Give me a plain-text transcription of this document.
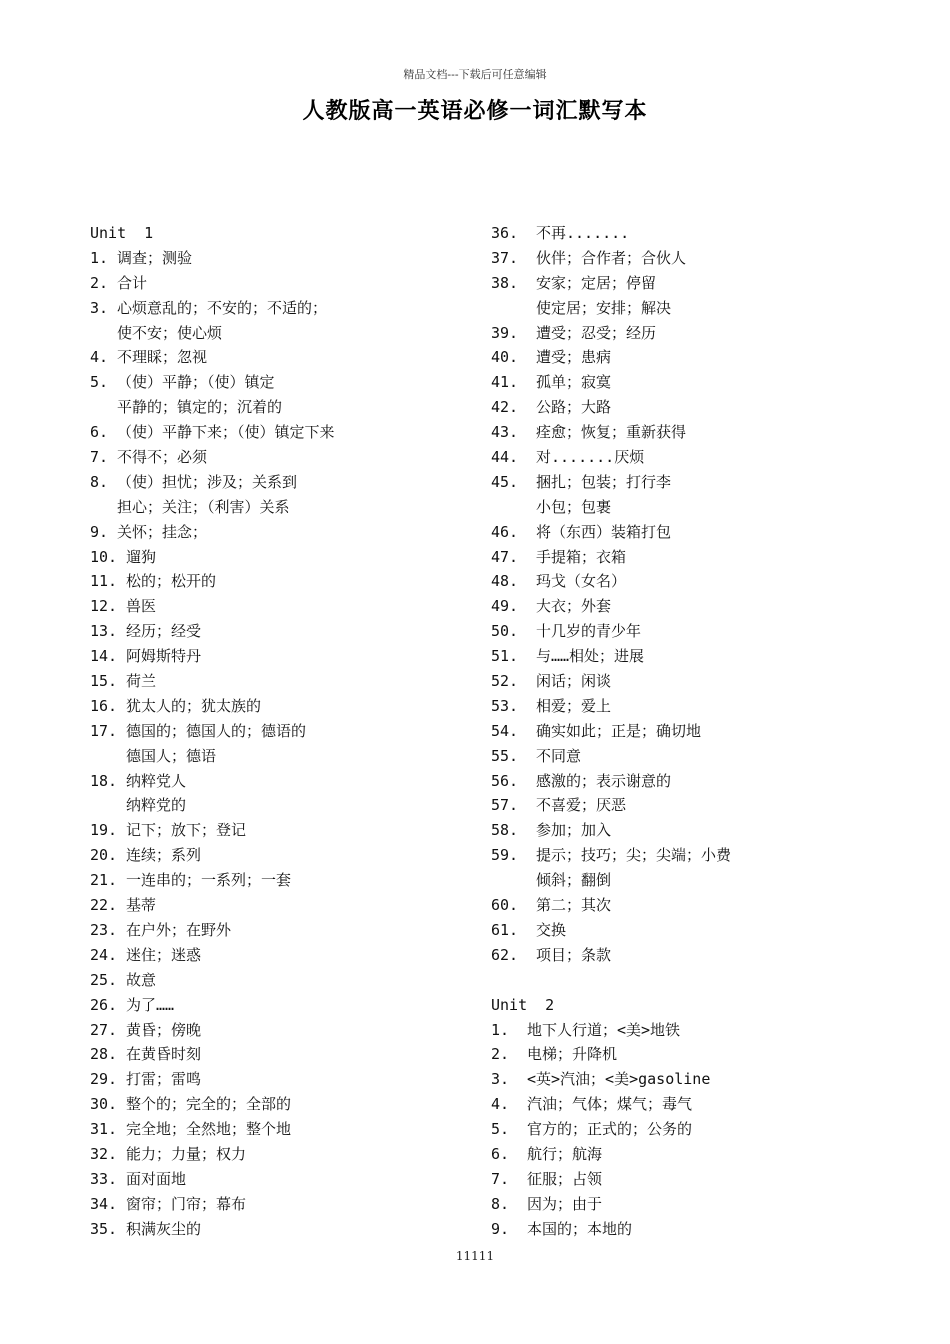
精品文档---下载后可任意编辑
人教版高一英语必修一词汇默写本
Unit  1
1. 调查；测验
2. 合计
3. 心烦意乱的；不安的；不适的；
使不安；使心烦
4. 不理睬；忽视
5. （使）平静；（使）镇定
平静的；镇定的；沉着的
6. （使）平静下来；（使）镇定下来
7. 不得不；必须
8. （使）担忧；涉及；关系到
担心；关注；（利害）关系
9. 关怀；挂念；
10. 遛狗
11. 松的；松开的
12. 兽医
13. 经历；经受
14. 阿姆斯特丹
15. 荷兰
16. 犹太人的；犹太族的
17. 德国的；德国人的；德语的
德国人；德语
18. 纳粹党人
纳粹党的
19. 记下；放下；登记
20. 连续；系列
21. 一连串的；一系列；一套
22. 基蒂
23. 在户外；在野外
24. 迷住；迷惑
25. 故意
26. 为了……
27. 黄昏；傍晚
28. 在黄昏时刻
29. 打雷；雷鸣
30. 整个的；完全的；全部的
31. 完全地；全然地；整个地
32. 能力；力量；权力
33. 面对面地
34. 窗帘；门帘；幕布
35. 积满灰尘的
36. 不再.......
37. 伙伴；合作者；合伙人
38. 安家；定居；停留
使定居；安排；解决
39. 遭受；忍受；经历
40. 遭受；患病
41. 孤单；寂寞
42. 公路；大路
43. 痊愈；恢复；重新获得
44. 对.......厌烦
45. 捆扎；包装；打行李
小包；包裹
46. 将（东西）装箱打包
47. 手提箱；衣箱
48. 玛戈（女名）
49. 大衣；外套
50. 十几岁的青少年
51. 与……相处；进展
52. 闲话；闲谈
53. 相爱；爱上
54. 确实如此；正是；确切地
55. 不同意
56. 感激的；表示谢意的
57. 不喜爱；厌恶
58. 参加；加入
59. 提示；技巧；尖；尖端；小费
倾斜；翻倒
60. 第二；其次
61. 交换
62. 项目；条款
Unit  2
1. 地下人行道；<美>地铁
2. 电梯；升降机
3. <英>汽油；<美>gasoline
4. 汽油；气体；煤气；毒气
5. 官方的；正式的；公务的
6. 航行；航海
7. 征服；占领
8. 因为；由于
9. 本国的；本地的
11111
